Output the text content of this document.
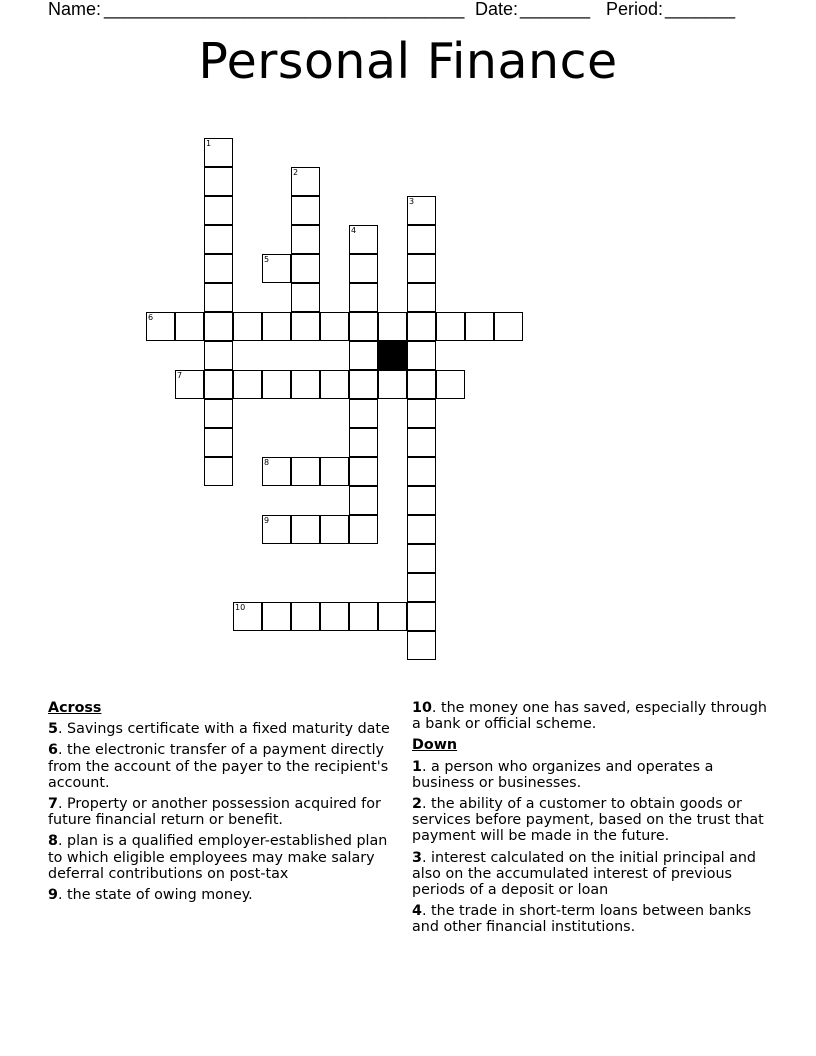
Name: ____________________________________ Date: _______ Period: _______
Personal Finance
1
2
3
4
5
6
7
8
9
10
Across
5. Savings certificate with a fixed maturity date
6. the electronic transfer of a payment directly from the account of the payer to the recipient's account.
7. Property or another possession acquired for future financial return or benefit.
8. plan is a qualified employer-established plan to which eligible employees may make salary deferral contributions on post-tax
9. the state of owing money.
10. the money one has saved, especially through a bank or official scheme.
Down
1. a person who organizes and operates a business or businesses.
2. the ability of a customer to obtain goods or services before payment, based on the trust that payment will be made in the future.
3. interest calculated on the initial principal and also on the accumulated interest of previous periods of a deposit or loan
4. the trade in short-term loans between banks and other financial institutions.
